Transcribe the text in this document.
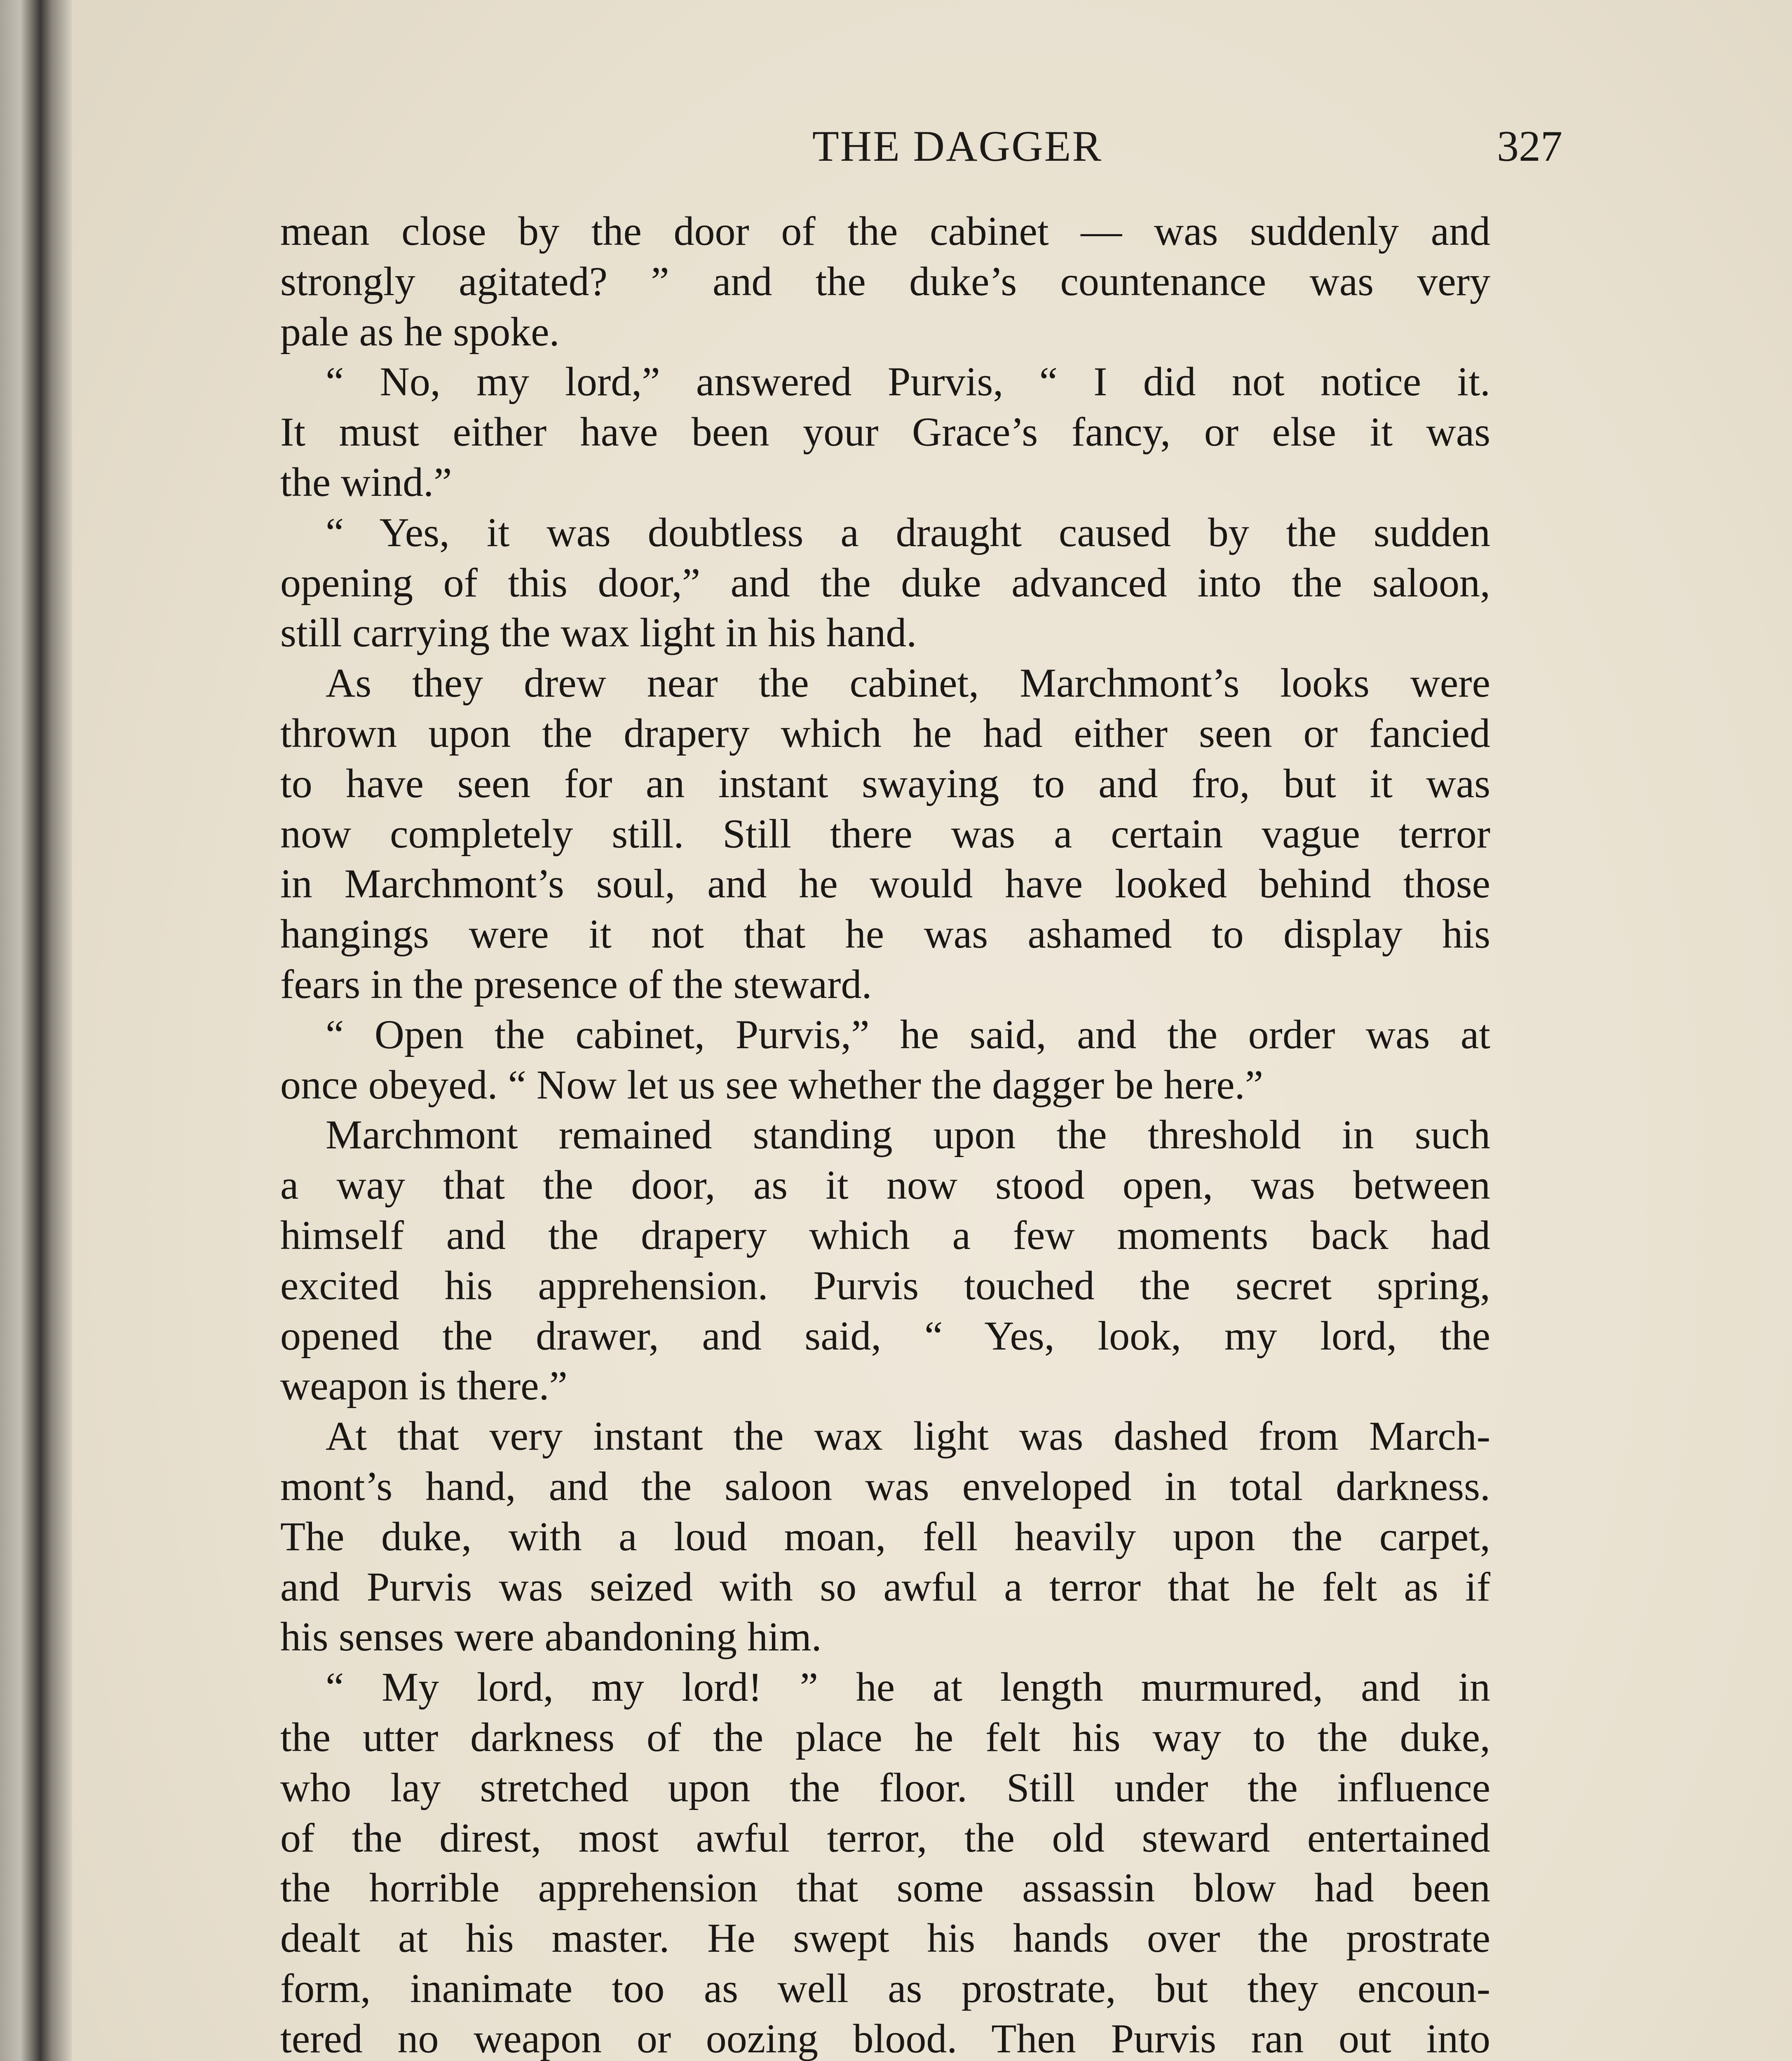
THE DAGGER	327
mean close by the door of the cabinet — was suddenly and
strongly agitated? ” and the duke’s countenance was very
pale as he spoke.
“ No, my lord,” answered Purvis, “ I did not notice it.
It must either have been your Grace’s fancy, or else it was
the wind.”
“ Yes, it was doubtless a draught caused by the sudden
opening of this door,” and the duke advanced into the saloon,
still carrying the wax light in his hand.
As they drew near the cabinet, Marchmont’s looks were
thrown upon the drapery which he had either seen or fancied
to have seen for an instant swaying to and fro, but it was
now completely still. Still there was a certain vague terror
in Marchmont’s soul, and he would have looked behind those
hangings were it not that he was ashamed to display his
fears in the presence of the steward.
“ Open the cabinet, Purvis,” he said, and the order was at
once obeyed. “ Now let us see whether the dagger be here.”
Marchmont remained standing upon the threshold in such
a way that the door, as it now stood open, was between
himself and the drapery which a few moments back had
excited his apprehension. Purvis touched the secret spring,
opened the drawer, and said, “ Yes, look, my lord, the
weapon is there.”
At that very instant the wax light was dashed from March-
mont’s hand, and the saloon was enveloped in total darkness.
The duke, with a loud moan, fell heavily upon the carpet,
and Purvis was seized with so awful a terror that he felt as if
his senses were abandoning him.
“ My lord, my lord! ” he at length murmured, and in
the utter darkness of the place he felt his way to the duke,
who lay stretched upon the floor. Still under the influence
of the direst, most awful terror, the old steward entertained
the horrible apprehension that some assassin blow had been
dealt at his master. He swept his hands over the prostrate
form, inanimate too as well as prostrate, but they encoun-
tered no weapon or oozing blood. Then Purvis ran out into
